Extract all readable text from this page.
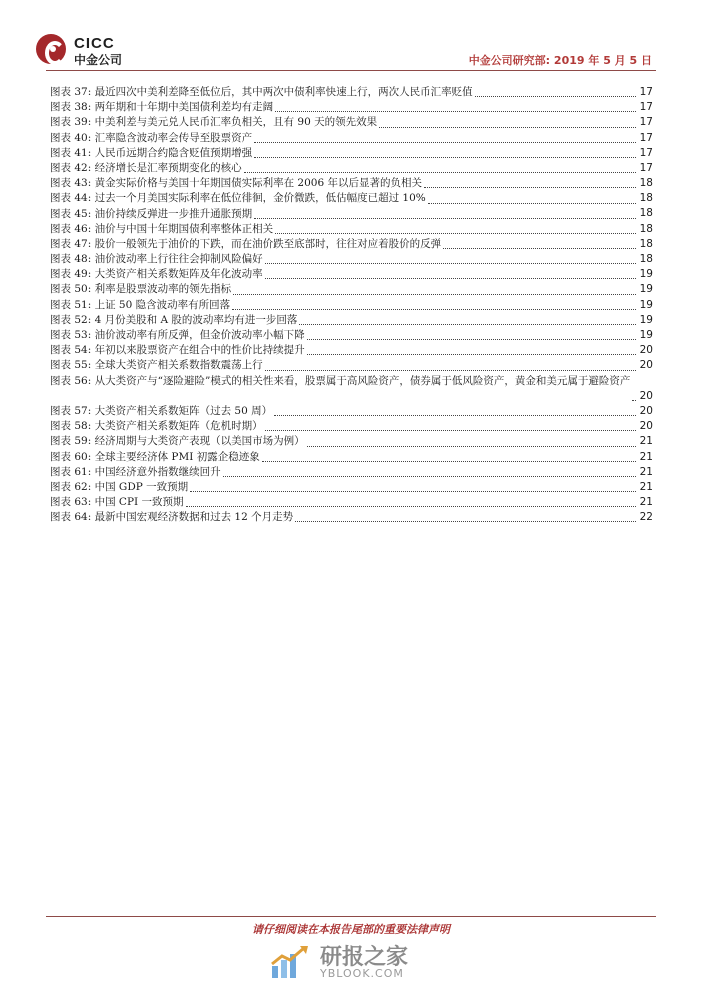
CICC
中金公司	中金公司研究部: 2019 年 5 月 5 日
图表 37: 最近四次中美利差降至低位后，其中两次中债利率快速上行，两次人民币汇率贬值	17
图表 38: 两年期和十年期中美国债利差均有走阔	17
图表 39: 中美利差与美元兑人民币汇率负相关，且有 90 天的领先效果	17
图表 40: 汇率隐含波动率会传导至股票资产	17
图表 41: 人民币远期合约隐含贬值预期增强	17
图表 42: 经济增长是汇率预期变化的核心	17
图表 43: 黄金实际价格与美国十年期国债实际利率在 2006 年以后显著的负相关	18
图表 44: 过去一个月美国实际利率在低位徘徊，金价微跌，低估幅度已超过 10%	18
图表 45: 油价持续反弹进一步推升通胀预期	18
图表 46: 油价与中国十年期国债利率整体正相关	18
图表 47: 股价一般领先于油价的下跌，而在油价跌至底部时，往往对应着股价的反弹	18
图表 48: 油价波动率上行往往会抑制风险偏好	18
图表 49: 大类资产相关系数矩阵及年化波动率	19
图表 50: 利率是股票波动率的领先指标	19
图表 51: 上证 50 隐含波动率有所回落	19
图表 52: 4 月份美股和 A 股的波动率均有进一步回落	19
图表 53: 油价波动率有所反弹，但金价波动率小幅下降	19
图表 54: 年初以来股票资产在组合中的性价比持续提升	20
图表 55: 全球大类资产相关系数指数震荡上行	20
图表 56: 从大类资产与“逐险避险”模式的相关性来看，股票属于高风险资产，债券属于低风险资产，黄金和美元属于避险资产
20
图表 57: 大类资产相关系数矩阵（过去 50 周）	20
图表 58: 大类资产相关系数矩阵（危机时期）	20
图表 59: 经济周期与大类资产表现（以美国市场为例）	21
图表 60: 全球主要经济体 PMI 初露企稳迹象	21
图表 61: 中国经济意外指数继续回升	21
图表 62: 中国 GDP 一致预期	21
图表 63: 中国 CPI 一致预期	21
图表 64: 最新中国宏观经济数据和过去 12 个月走势	22
请仔细阅读在本报告尾部的重要法律声明
研报之家
YBLOOK.COM
